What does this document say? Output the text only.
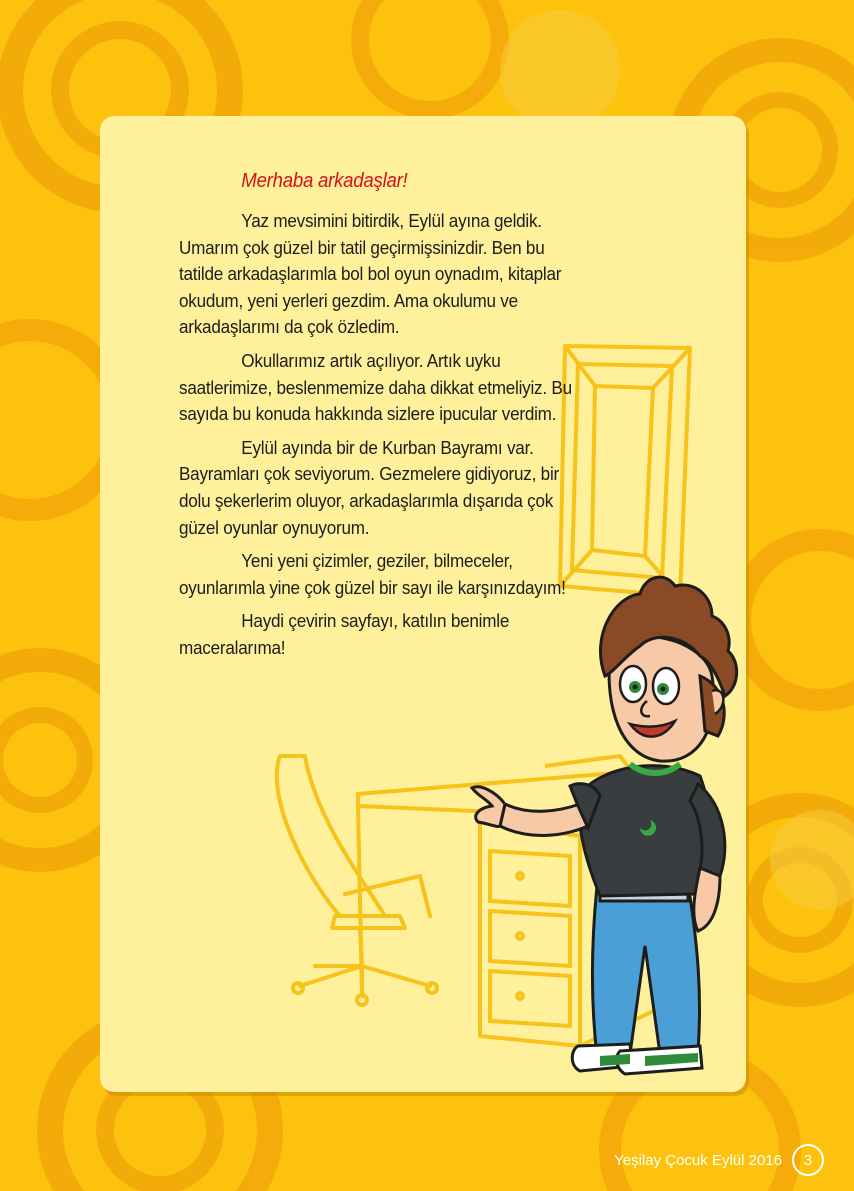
Merhaba arkadaşlar!

Yaz mevsimini bitirdik, Eylül ayına geldik. Umarım çok güzel bir tatil geçirmişsinizdir. Ben bu tatilde arkadaşlarımla bol bol oyun oynadım, kitaplar okudum, yeni yerleri gezdim. Ama okulumu ve arkadaşlarımı da çok özledim.

Okullarımız artık açılıyor. Artık uyku saatlerimize, beslenmemize daha dikkat etmeliyiz. Bu sayıda bu konuda hakkında sizlere ipucular verdim.

Eylül ayında bir de Kurban Bayramı var. Bayramları çok seviyorum. Gezmelere gidiyoruz, bir dolu şekerlerim oluyor, arkadaşlarımla dışarıda çok güzel oyunlar oynuyorum.

Yeni yeni çizimler, geziler, bilmeceler, oyunlarımla yine çok güzel bir sayı ile karşınızdayım!

Haydi çevirin sayfayı, katılın benimle maceralarıma!

Yeşilay Çocuk Eylül 2016	3
